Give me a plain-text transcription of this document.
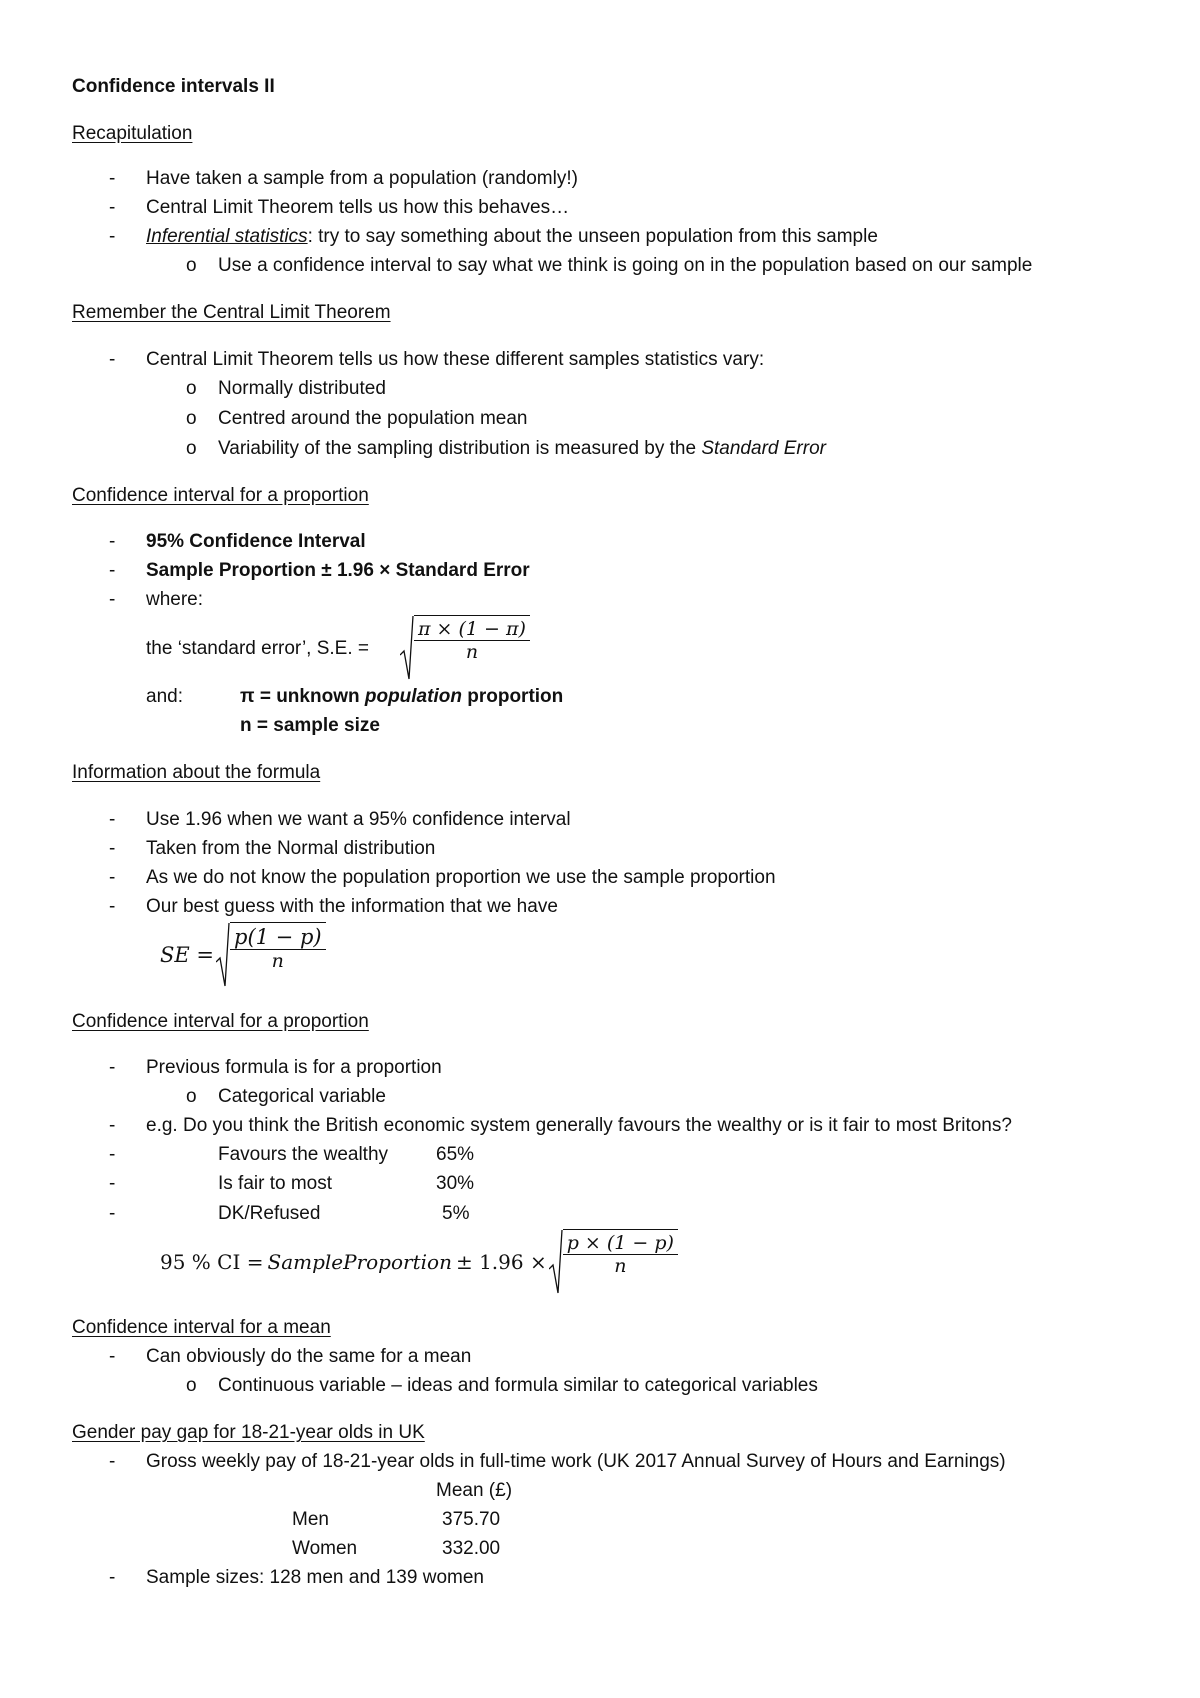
Confidence intervals II
Recapitulation
- Have taken a sample from a population (randomly!)
- Central Limit Theorem tells us how this behaves…
- Inferential statistics: try to say something about the unseen population from this sample
o Use a confidence interval to say what we think is going on in the population based on our sample
Remember the Central Limit Theorem
- Central Limit Theorem tells us how these different samples statistics vary:
o Normally distributed
o Centred around the population mean
o Variability of the sampling distribution is measured by the Standard Error
Confidence interval for a proportion
- 95% Confidence Interval
- Sample Proportion ± 1.96 × Standard Error
- where:
the ‘standard error’, S.E. = $\frac{\pi \times (1 - \pi)}{n}$
and:	π = unknown population proportion
n = sample size
Information about the formula
- Use 1.96 when we want a 95% confidence interval
- Taken from the Normal distribution
- As we do not know the population proportion we use the sample proportion
- Our best guess with the information that we have
SE = $\frac{p(1 - p)}{n}$
Confidence interval for a proportion
- Previous formula is for a proportion
o Categorical variable
- e.g. Do you think the British economic system generally favours the wealthy or is it fair to most Britons?
-	Favours the wealthy	65%
-	Is fair to most	30%
-	DK/Refused	5%
95 % CI = SampleProportion ± $1.96 \times \frac{p \times (1 - p)}{n}$
Confidence interval for a mean
- Can obviously do the same for a mean
o Continuous variable – ideas and formula similar to categorical variables
Gender pay gap for 18-21-year olds in UK
- Gross weekly pay of 18-21-year olds in full-time work (UK 2017 Annual Survey of Hours and Earnings)
Mean (£)
Men	375.70
Women	332.00
- Sample sizes: 128 men and 139 women
